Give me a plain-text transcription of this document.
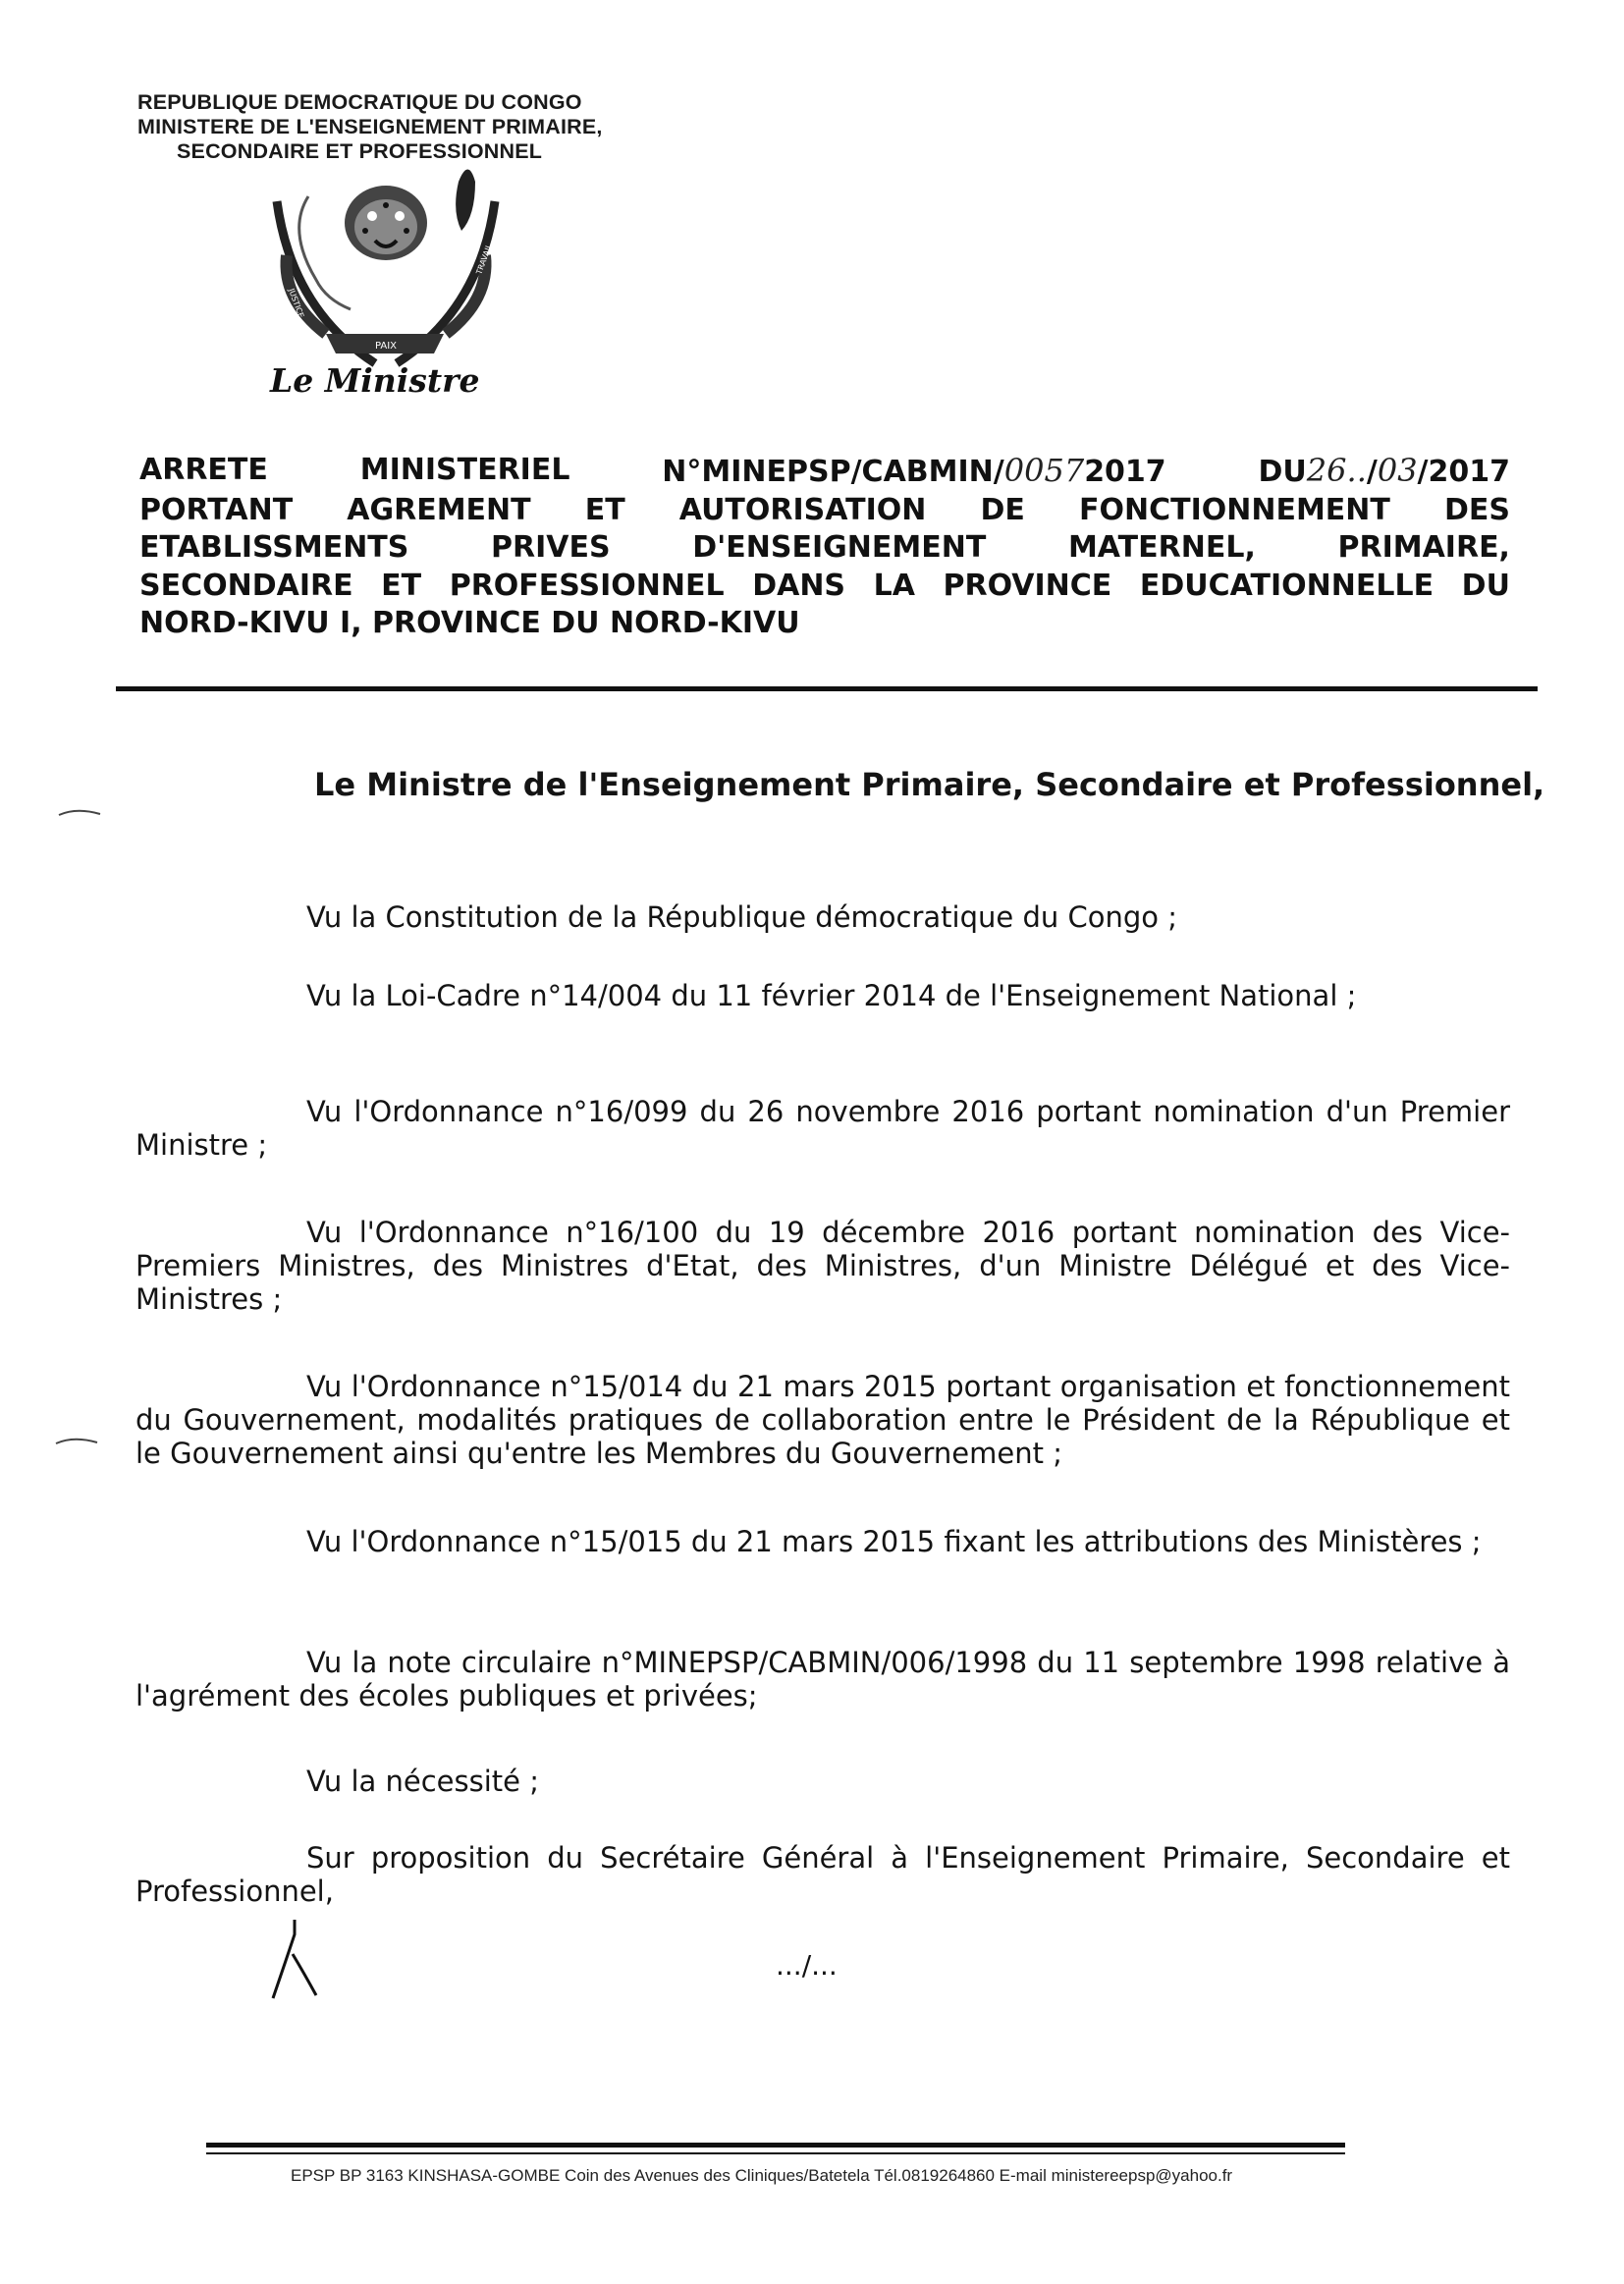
REPUBLIQUE DEMOCRATIQUE DU CONGO
MINISTERE DE L'ENSEIGNEMENT PRIMAIRE,
SECONDAIRE ET PROFESSIONNEL
PAIX
JUSTICE
TRAVAIL
Le Ministre
ARRETE	MINISTERIEL	N°MINEPSP/CABMIN/00572017	DU26../03/2017
PORTANT AGREMENT ET AUTORISATION DE FONCTIONNEMENT DES
ETABLISSMENTS	PRIVES	D'ENSEIGNEMENT	MATERNEL,	PRIMAIRE,
SECONDAIRE ET PROFESSIONNEL DANS LA PROVINCE EDUCATIONNELLE DU
NORD-KIVU I, PROVINCE DU NORD-KIVU
Le Ministre de l'Enseignement Primaire, Secondaire et Professionnel,
Vu la Constitution de la République démocratique du Congo ;
Vu la Loi-Cadre n°14/004 du 11 février 2014 de l'Enseignement National ;
Vu l'Ordonnance n°16/099 du 26 novembre 2016 portant nomination d'un Premier Ministre ;
Vu l'Ordonnance n°16/100 du 19 décembre 2016 portant nomination des Vice-Premiers Ministres, des Ministres d'Etat, des Ministres, d'un Ministre Délégué et des Vice-Ministres ;
Vu l'Ordonnance n°15/014 du 21 mars 2015 portant organisation et fonctionnement du Gouvernement, modalités pratiques de collaboration entre le Président de la République et le Gouvernement ainsi qu'entre les Membres du Gouvernement ;
Vu l'Ordonnance n°15/015 du 21 mars 2015 fixant les attributions des Ministères ;
Vu la note circulaire n°MINEPSP/CABMIN/006/1998 du 11 septembre 1998 relative à l'agrément des écoles publiques et privées;
Vu la nécessité ;
Sur proposition du Secrétaire Général à l'Enseignement Primaire, Secondaire et Professionnel,
.../...
EPSP BP 3163 KINSHASA-GOMBE Coin des Avenues des Cliniques/Batetela Tél.0819264860 E-mail ministereepsp@yahoo.fr
